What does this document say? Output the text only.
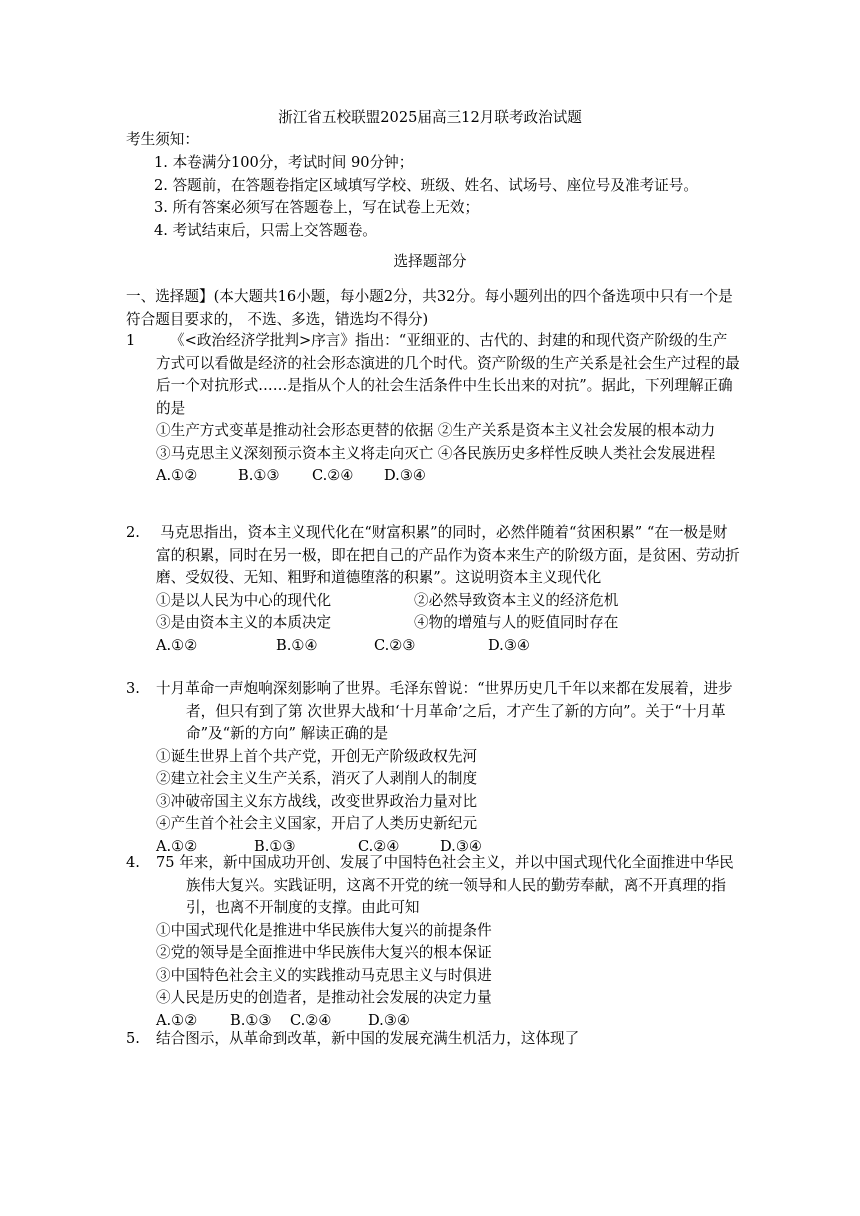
浙江省五校联盟2025届高三12月联考政治试题
考生须知：
1. 本卷满分100分，考试时间 90分钟；
2. 答题前，在答题卷指定区域填写学校、班级、姓名、试场号、座位号及准考证号。
3. 所有答案必须写在答题卷上，写在试卷上无效；
4. 考试结束后，只需上交答题卷。
选择题部分
一、选择题】(本大题共16小题，每小题2分，共32分。每小题列出的四个备选项中只有一个是符合题目要求的， 不选、多选，错选均不得分)
1	《<政治经济学批判>序言》指出：“亚细亚的、古代的、封建的和现代资产阶级的生产方式可以看做是经济的社会形态演进的几个时代。资产阶级的生产关系是社会生产过程的最后一个对抗形式……是指从个人的社会生活条件中生长出来的对抗”。据此，下列理解正确的是
①生产方式变革是推动社会形态更替的依据 ②生产关系是资本主义社会发展的根本动力
③马克思主义深刻预示资本主义将走向灭亡 ④各民族历史多样性反映人类社会发展进程
A.①②	B.①③	C.②④	D.③④
2. 马克思指出，资本主义现代化在“财富积累”的同时，必然伴随着“贫困积累” “在一极是财富的积累，同时在另一极，即在把自己的产品作为资本来生产的阶级方面，是贫困、劳动折磨、受奴役、无知、粗野和道德堕落的积累”。这说明资本主义现代化
①是以人民为中心的现代化	②必然导致资本主义的经济危机
③是由资本主义的本质决定	④物的增殖与人的贬值同时存在
A.①②	B.①④	C.②③	D.③④
3. 十月革命一声炮响深刻影响了世界。毛泽东曾说：“世界历史几千年以来都在发展着，进步者，但只有到了第 次世界大战和‘十月革命’之后，才产生了新的方向”。关于“十月革命”及“新的方向” 解读正确的是
①诞生世界上首个共产党，开创无产阶级政权先河
②建立社会主义生产关系，消灭了人剥削人的制度
③冲破帝国主义东方战线，改变世界政治力量对比
④产生首个社会主义国家，开启了人类历史新纪元
A.①②	B.①③	C.②④	D.③④
4. 75 年来，新中国成功开创、发展了中国特色社会主义，并以中国式现代化全面推进中华民族伟大复兴。实践证明，这离不开党的统一领导和人民的勤劳奉献，离不开真理的指引，也离不开制度的支撑。由此可知
①中国式现代化是推进中华民族伟大复兴的前提条件
②党的领导是全面推进中华民族伟大复兴的根本保证
③中国特色社会主义的实践推动马克思主义与时俱进
④人民是历史的创造者，是推动社会发展的决定力量
A.①②	B.①③	C.②④	D.③④
5. 结合图示，从革命到改革，新中国的发展充满生机活力，这体现了
